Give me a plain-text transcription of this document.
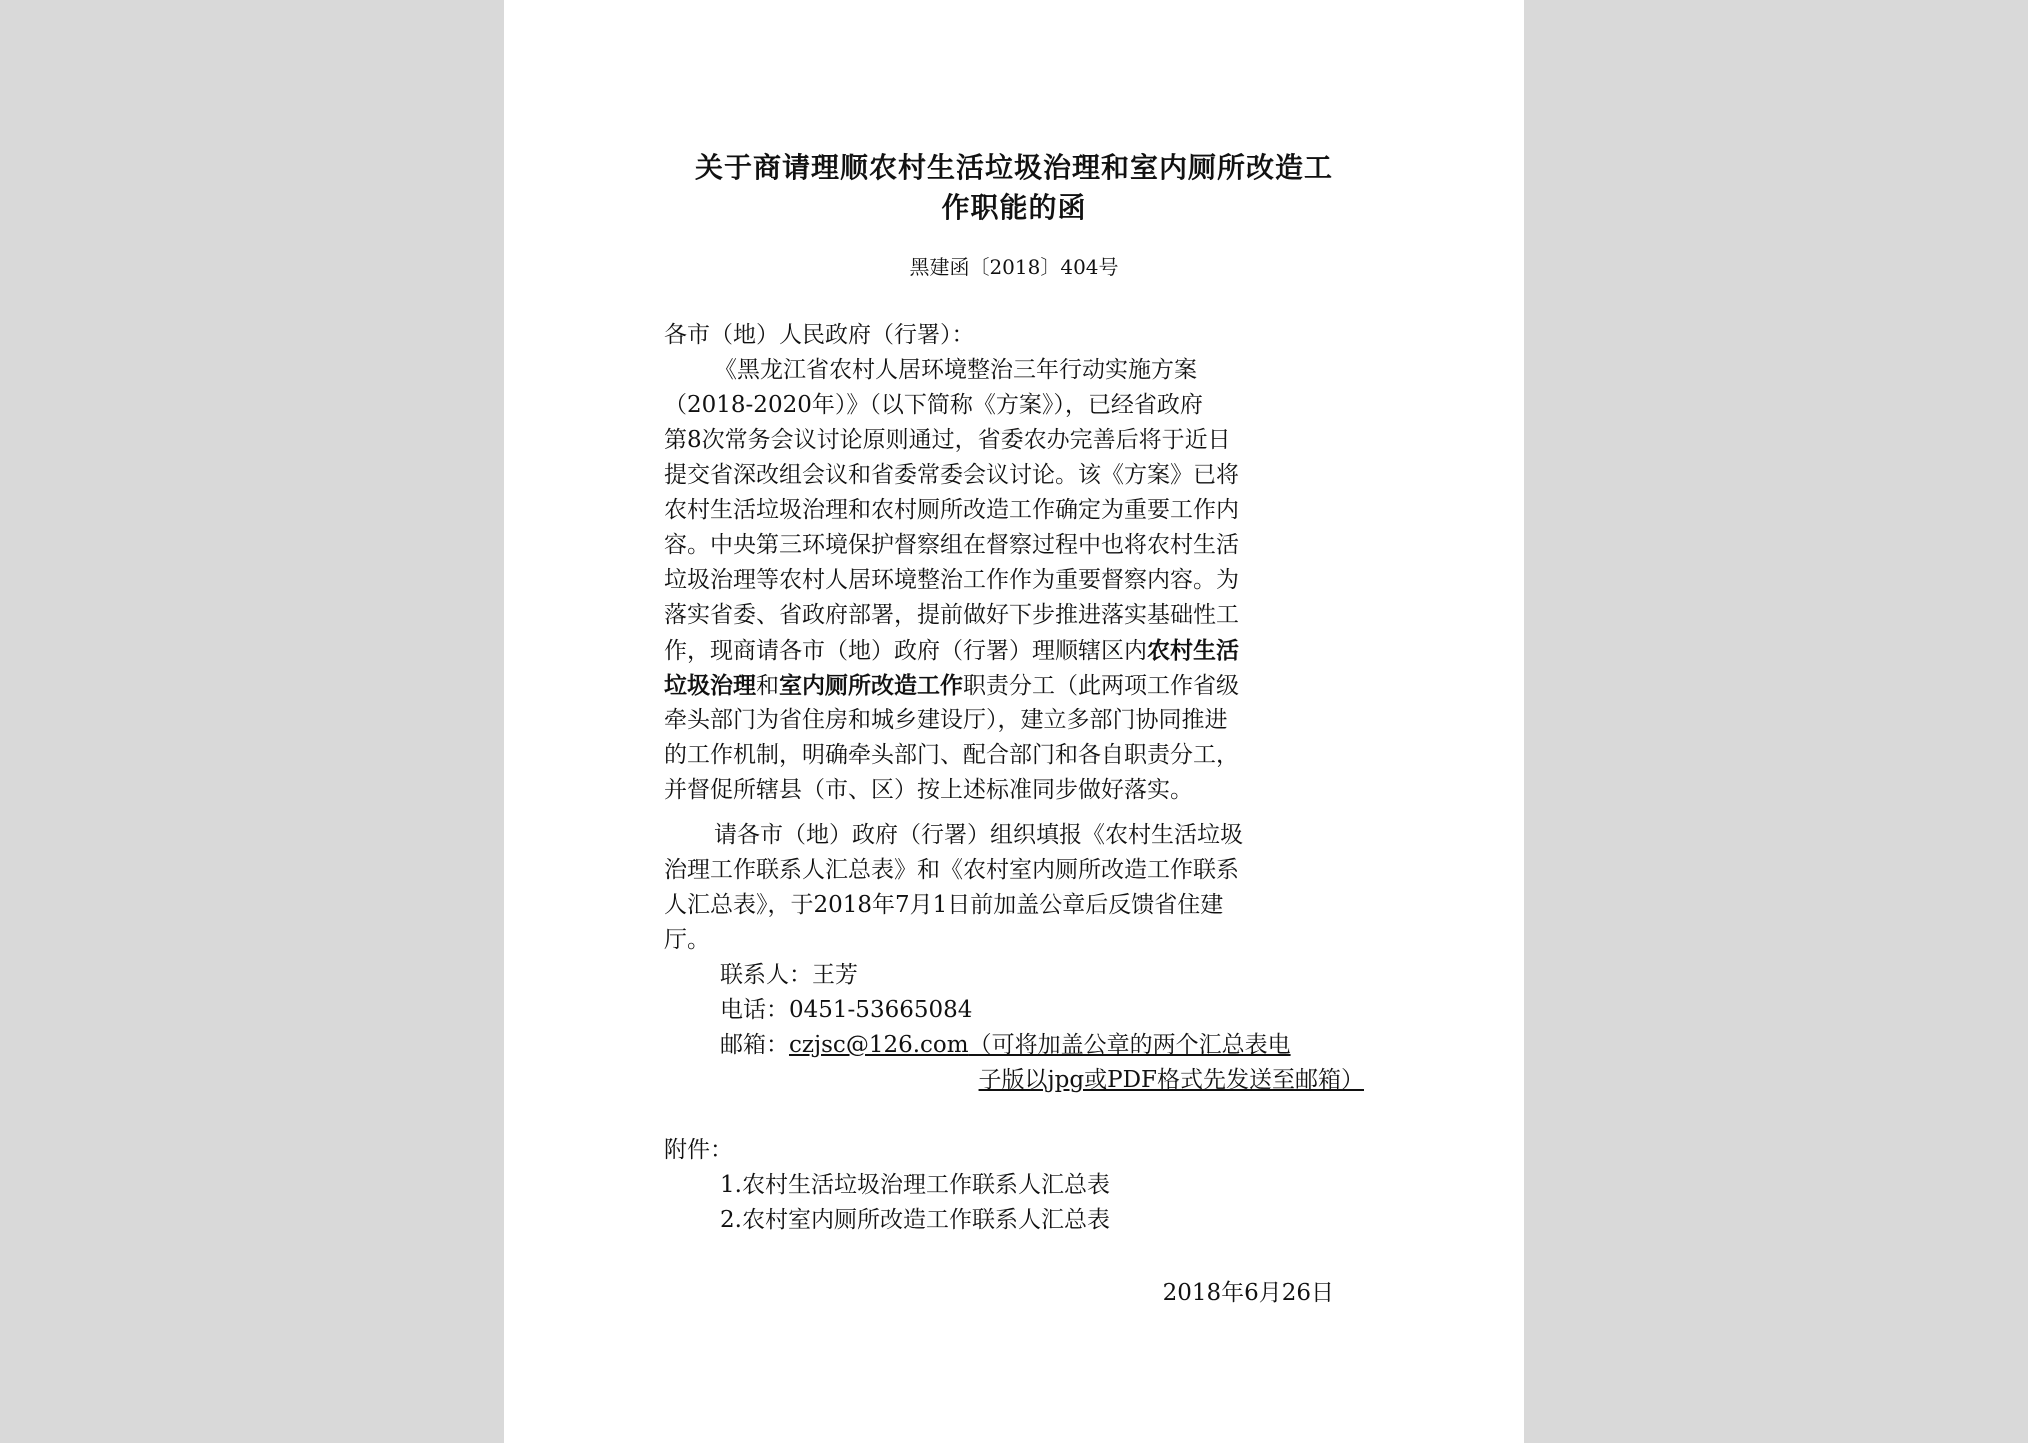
关于商请理顺农村生活垃圾治理和室内厕所改造工
作职能的函
黑建函〔2018〕404号
各市（地）人民政府（行署）：
《黑龙江省农村人居环境整治三年行动实施方案
（2018-2020年）》（以下简称《方案》），已经省政府
第8次常务会议讨论原则通过，省委农办完善后将于近日
提交省深改组会议和省委常委会议讨论。该《方案》已将
农村生活垃圾治理和农村厕所改造工作确定为重要工作内
容。中央第三环境保护督察组在督察过程中也将农村生活
垃圾治理等农村人居环境整治工作作为重要督察内容。为
落实省委、省政府部署，提前做好下步推进落实基础性工
作，现商请各市（地）政府（行署）理顺辖区内农村生活
垃圾治理和室内厕所改造工作职责分工（此两项工作省级
牵头部门为省住房和城乡建设厅），建立多部门协同推进
的工作机制，明确牵头部门、配合部门和各自职责分工，
并督促所辖县（市、区）按上述标准同步做好落实。
请各市（地）政府（行署）组织填报《农村生活垃圾
治理工作联系人汇总表》和《农村室内厕所改造工作联系
人汇总表》，于2018年7月1日前加盖公章后反馈省住建
厅。
联系人：王芳
电话：0451-53665084
邮箱：czjsc@126.com（可将加盖公章的两个汇总表电
子版以jpg或PDF格式先发送至邮箱）
附件：
1.农村生活垃圾治理工作联系人汇总表
2.农村室内厕所改造工作联系人汇总表
2018年6月26日
